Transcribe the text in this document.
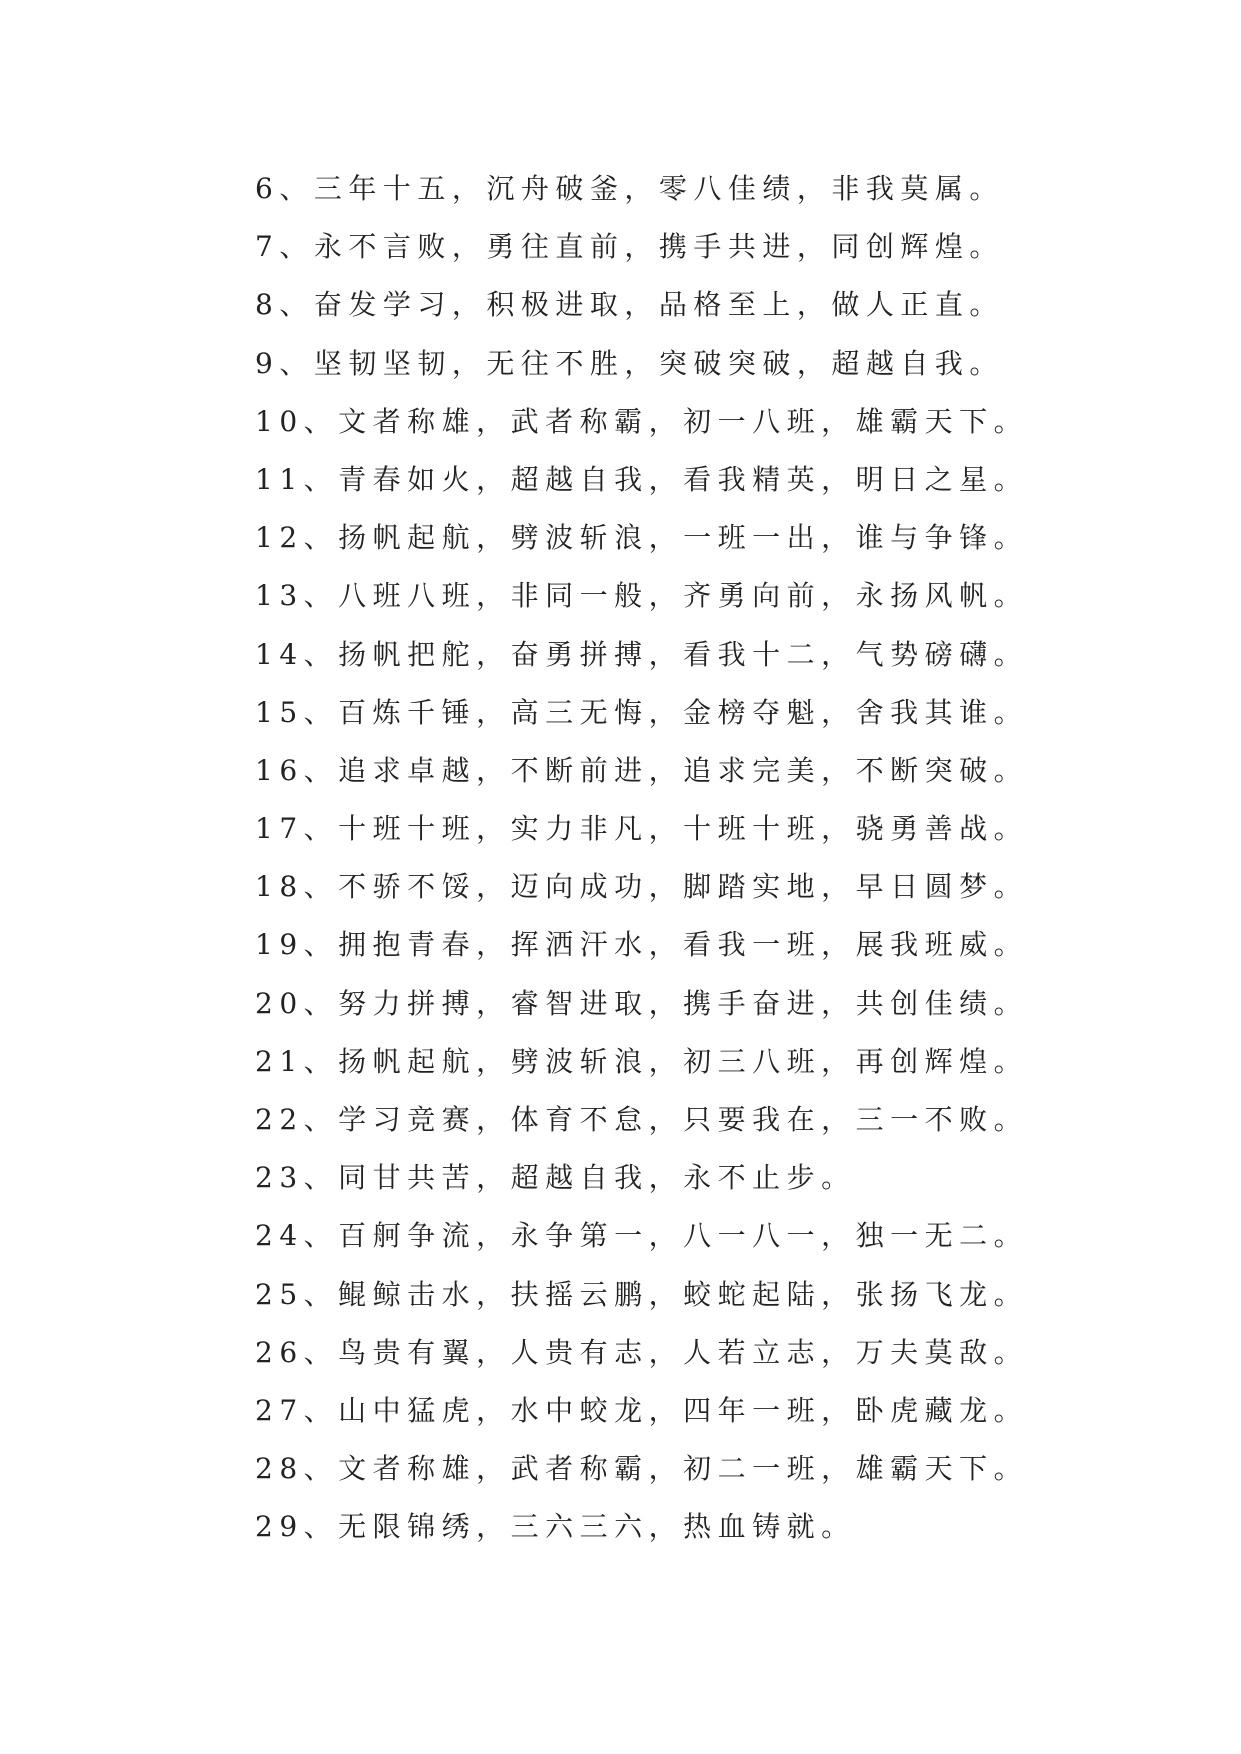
6、三年十五，沉舟破釜，零八佳绩，非我莫属。
7、永不言败，勇往直前，携手共进，同创辉煌。
8、奋发学习，积极进取，品格至上，做人正直。
9、坚韧坚韧，无往不胜，突破突破，超越自我。
10、文者称雄，武者称霸，初一八班，雄霸天下。
11、青春如火，超越自我，看我精英，明日之星。
12、扬帆起航，劈波斩浪，一班一出，谁与争锋。
13、八班八班，非同一般，齐勇向前，永扬风帆。
14、扬帆把舵，奋勇拼搏，看我十二，气势磅礴。
15、百炼千锤，高三无悔，金榜夺魁，舍我其谁。
16、追求卓越，不断前进，追求完美，不断突破。
17、十班十班，实力非凡，十班十班，骁勇善战。
18、不骄不馁，迈向成功，脚踏实地，早日圆梦。
19、拥抱青春，挥洒汗水，看我一班，展我班威。
20、努力拼搏，睿智进取，携手奋进，共创佳绩。
21、扬帆起航，劈波斩浪，初三八班，再创辉煌。
22、学习竞赛，体育不怠，只要我在，三一不败。
23、同甘共苦，超越自我，永不止步。
24、百舸争流，永争第一，八一八一，独一无二。
25、鲲鲸击水，扶摇云鹏，蛟蛇起陆，张扬飞龙。
26、鸟贵有翼，人贵有志，人若立志，万夫莫敌。
27、山中猛虎，水中蛟龙，四年一班，卧虎藏龙。
28、文者称雄，武者称霸，初二一班，雄霸天下。
29、无限锦绣，三六三六，热血铸就。
